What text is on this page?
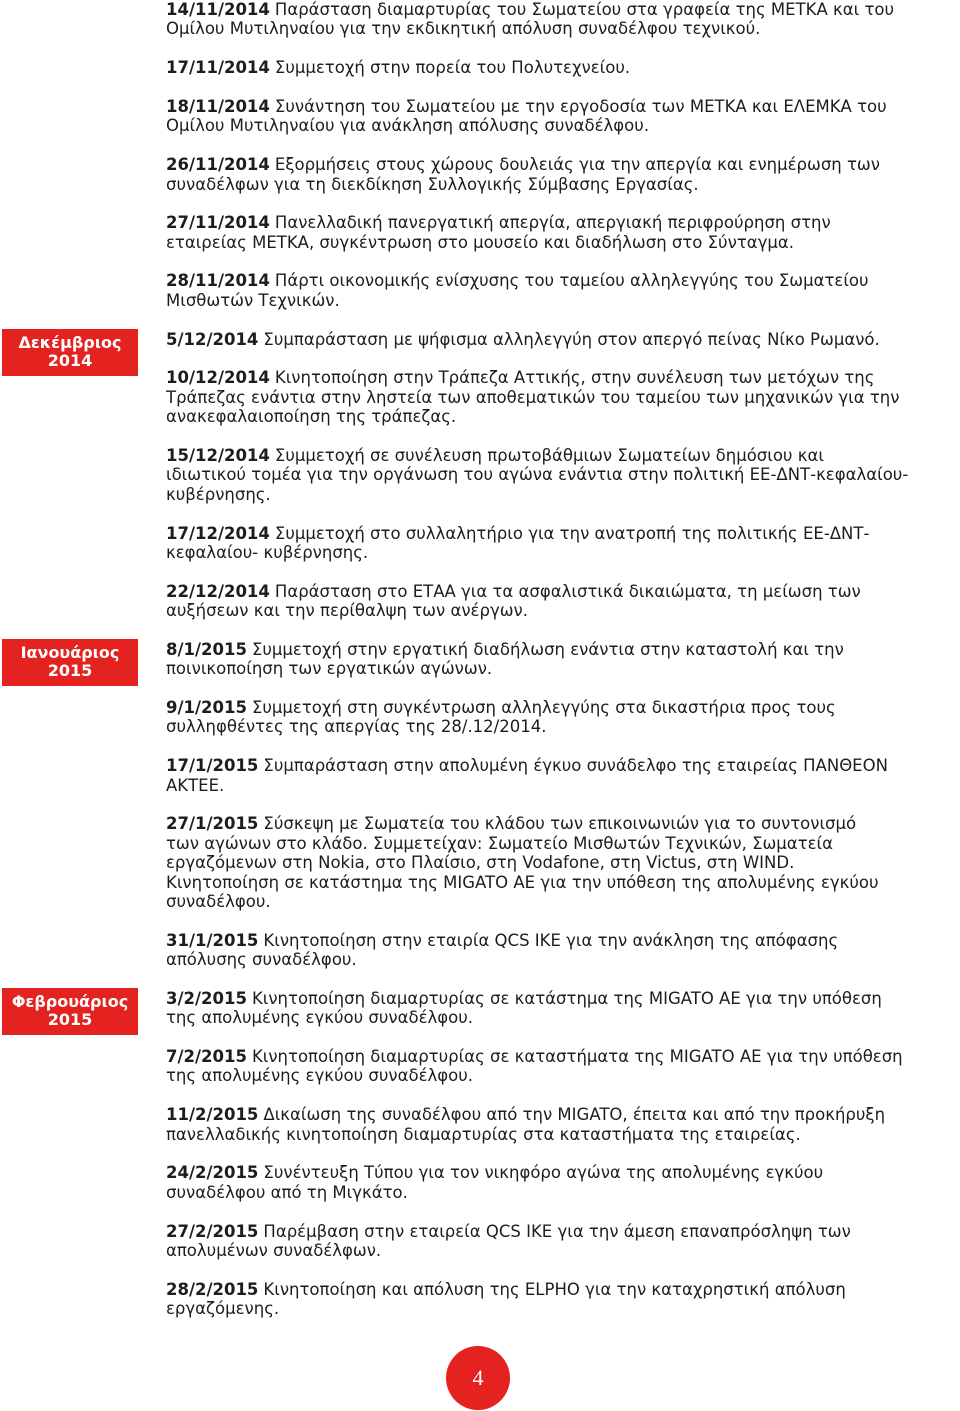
Δεκέμβριος
2014
Ιανουάριος
2015
Φεβρουάριος
2015
14/11/2014 Παράσταση διαμαρτυρίας του Σωματείου στα γραφεία της ΜΕΤΚΑ και του
Ομίλου Μυτιληναίου για την εκδικητική απόλυση συναδέλφου τεχνικού.
17/11/2014 Συμμετοχή στην πορεία του Πολυτεχνείου.
18/11/2014 Συνάντηση του Σωματείου με την εργοδοσία των ΜΕΤΚΑ και ΕΛΕΜΚΑ του
Ομίλου Μυτιληναίου για ανάκληση απόλυσης συναδέλφου.
26/11/2014 Εξορμήσεις στους χώρους δουλειάς για την απεργία και ενημέρωση των
συναδέλφων για τη διεκδίκηση Συλλογικής Σύμβασης Εργασίας.
27/11/2014 Πανελλαδική πανεργατική απεργία, απεργιακή περιφρούρηση στην
εταιρείας ΜΕΤΚΑ, συγκέντρωση στο μουσείο και διαδήλωση στο Σύνταγμα.
28/11/2014 Πάρτι οικονομικής ενίσχυσης του ταμείου αλληλεγγύης του Σωματείου
Μισθωτών Τεχνικών.
5/12/2014 Συμπαράσταση με ψήφισμα αλληλεγγύη στον απεργό πείνας Νίκο Ρωμανό.
10/12/2014 Κινητοποίηση στην Τράπεζα Αττικής, στην συνέλευση των μετόχων της
Τράπεζας ενάντια στην ληστεία των αποθεματικών του ταμείου των μηχανικών για την
ανακεφαλαιοποίηση της τράπεζας.
15/12/2014 Συμμετοχή σε συνέλευση πρωτοβάθμιων Σωματείων δημόσιου και
ιδιωτικού τομέα για την οργάνωση του αγώνα ενάντια στην πολιτική ΕΕ-ΔΝΤ-κεφαλαίου-
κυβέρνησης.
17/12/2014 Συμμετοχή στο συλλαλητήριο για την ανατροπή της πολιτικής ΕΕ-ΔΝΤ-
κεφαλαίου- κυβέρνησης.
22/12/2014 Παράσταση στο ΕΤΑΑ για τα ασφαλιστικά δικαιώματα, τη μείωση των
αυξήσεων και την περίθαλψη των ανέργων.
8/1/2015 Συμμετοχή στην εργατική διαδήλωση ενάντια στην καταστολή και την
ποινικοποίηση των εργατικών αγώνων.
9/1/2015 Συμμετοχή στη συγκέντρωση αλληλεγγύης στα δικαστήρια προς τους
συλληφθέντες της απεργίας της 28/.12/2014.
17/1/2015 Συμπαράσταση στην απολυμένη έγκυο συνάδελφο της εταιρείας ΠΑΝΘΕΟΝ
ΑΚΤΕΕ.
27/1/2015 Σύσκεψη με Σωματεία του κλάδου των επικοινωνιών για το συντονισμό
των αγώνων στο κλάδο. Συμμετείχαν: Σωματείο Μισθωτών Τεχνικών, Σωματεία
εργαζόμενων στη Nokia, στο Πλαίσιο, στη Vodafone, στη Victus, στη WIND.
Κινητοποίηση σε κατάστημα της MIGATO AE για την υπόθεση της απολυμένης εγκύου
συναδέλφου.
31/1/2015 Κινητοποίηση στην εταιρία QCS ΙΚΕ για την ανάκληση της απόφασης
απόλυσης συναδέλφου.
3/2/2015 Κινητοποίηση διαμαρτυρίας σε κατάστημα της MIGATO AE για την υπόθεση
της απολυμένης εγκύου συναδέλφου.
7/2/2015 Κινητοποίηση διαμαρτυρίας σε καταστήματα της MIGATO AE για την υπόθεση
της απολυμένης εγκύου συναδέλφου.
11/2/2015 Δικαίωση της συναδέλφου από την MIGATO, έπειτα και από την προκήρυξη
πανελλαδικής κινητοποίηση διαμαρτυρίας στα καταστήματα της εταιρείας.
24/2/2015 Συνέντευξη Τύπου για τον νικηφόρο αγώνα της απολυμένης εγκύου
συναδέλφου από τη Μιγκάτο.
27/2/2015 Παρέμβαση στην εταιρεία QCS ΙΚΕ για την άμεση επαναπρόσληψη των
απολυμένων συναδέλφων.
28/2/2015 Κινητοποίηση και απόλυση της ELPHO για την καταχρηστική απόλυση
εργαζόμενης.
4
